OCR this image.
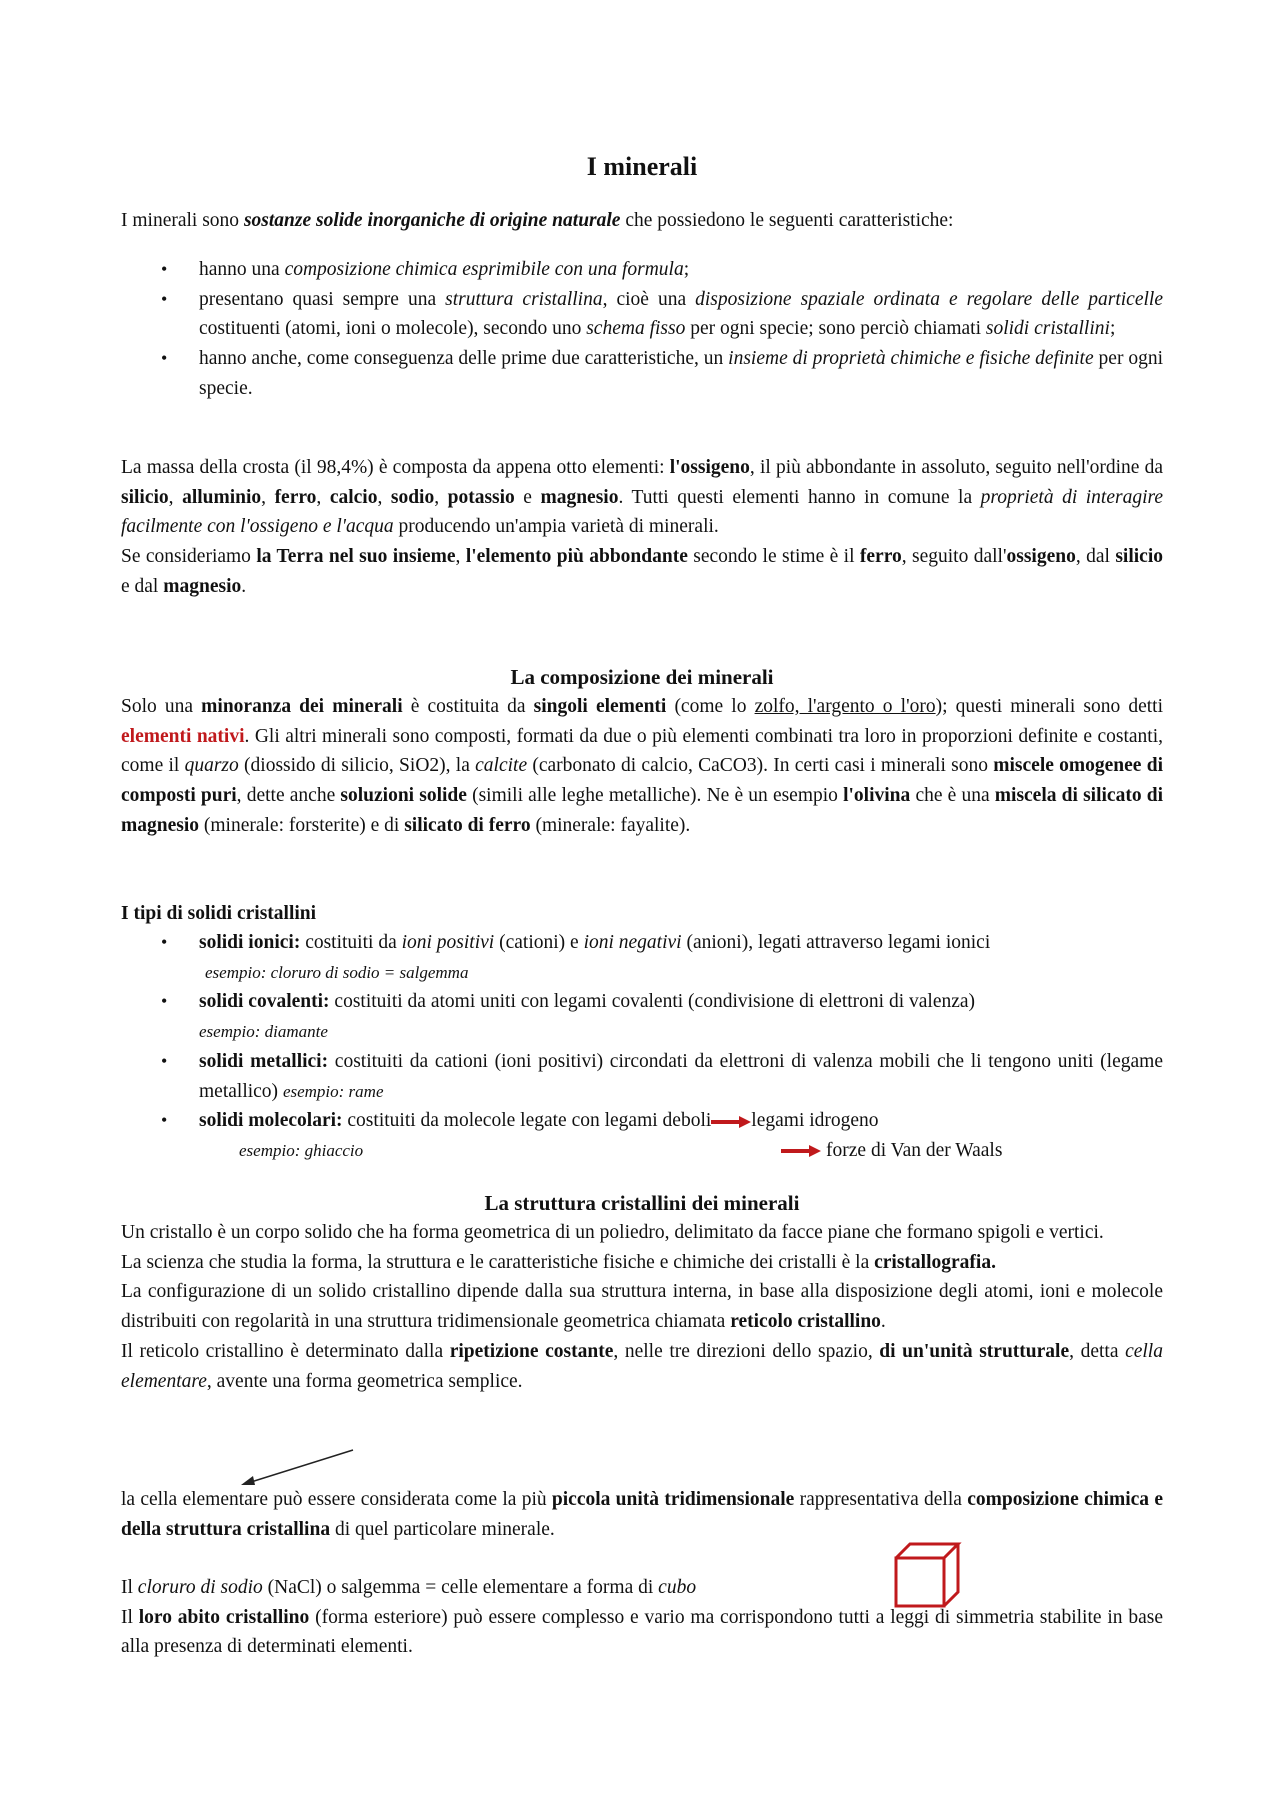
I minerali

I minerali sono sostanze solide inorganiche di origine naturale che possiedono le seguenti caratteristiche:

• hanno una composizione chimica esprimibile con una formula;
• presentano quasi sempre una struttura cristallina, cioè una disposizione spaziale ordinata e regolare delle particelle costituenti (atomi, ioni o molecole), secondo uno schema fisso per ogni specie; sono perciò chiamati solidi cristallini;
• hanno anche, come conseguenza delle prime due caratteristiche, un insieme di proprietà chimiche e fisiche definite per ogni specie.

La massa della crosta (il 98,4%) è composta da appena otto elementi: l'ossigeno, il più abbondante in assoluto, seguito nell'ordine da silicio, alluminio, ferro, calcio, sodio, potassio e magnesio. Tutti questi elementi hanno in comune la proprietà di interagire facilmente con l'ossigeno e l'acqua producendo un'ampia varietà di minerali.
Se consideriamo la Terra nel suo insieme, l'elemento più abbondante secondo le stime è il ferro, seguito dall'ossigeno, dal silicio e dal magnesio.

La composizione dei minerali

Solo una minoranza dei minerali è costituita da singoli elementi (come lo zolfo, l'argento o l'oro); questi minerali sono detti elementi nativi. Gli altri minerali sono composti, formati da due o più elementi combinati tra loro in proporzioni definite e costanti, come il quarzo (diossido di silicio, SiO2), la calcite (carbonato di calcio, CaCO3). In certi casi i minerali sono miscele omogenee di composti puri, dette anche soluzioni solide (simili alle leghe metalliche). Ne è un esempio l'olivina che è una miscela di silicato di magnesio (minerale: forsterite) e di silicato di ferro (minerale: fayalite).

I tipi di solidi cristallini

• solidi ionici: costituiti da ioni positivi (cationi) e ioni negativi (anioni), legati attraverso legami ionici
esempio: cloruro di sodio = salgemma
• solidi covalenti: costituiti da atomi uniti con legami covalenti (condivisione di elettroni di valenza)
esempio: diamante
• solidi metallici: costituiti da cationi (ioni positivi) circondati da elettroni di valenza mobili che li tengono uniti (legame metallico) esempio: rame
• solidi molecolari: costituiti da molecole legate con legami deboli legami idrogeno
esempio: ghiaccio	forze di Van der Waals
La struttura cristallini dei minerali

Un cristallo è un corpo solido che ha forma geometrica di un poliedro, delimitato da facce piane che formano spigoli e vertici.
La scienza che studia la forma, la struttura e le caratteristiche fisiche e chimiche dei cristalli è la cristallografia.
La configurazione di un solido cristallino dipende dalla sua struttura interna, in base alla disposizione degli atomi, ioni e molecole distribuiti con regolarità in una struttura tridimensionale geometrica chiamata reticolo cristallino.
Il reticolo cristallino è determinato dalla ripetizione costante, nelle tre direzioni dello spazio, di un'unità strutturale, detta cella elementare, avente una forma geometrica semplice.

la cella elementare può essere considerata come la più piccola unità tridimensionale rappresentativa della composizione chimica e della struttura cristallina di quel particolare minerale.

Il cloruro di sodio (NaCl) o salgemma = celle elementare a forma di cubo
Il loro abito cristallino (forma esteriore) può essere complesso e vario ma corrispondono tutti a leggi di simmetria stabilite in base alla presenza di determinati elementi.
